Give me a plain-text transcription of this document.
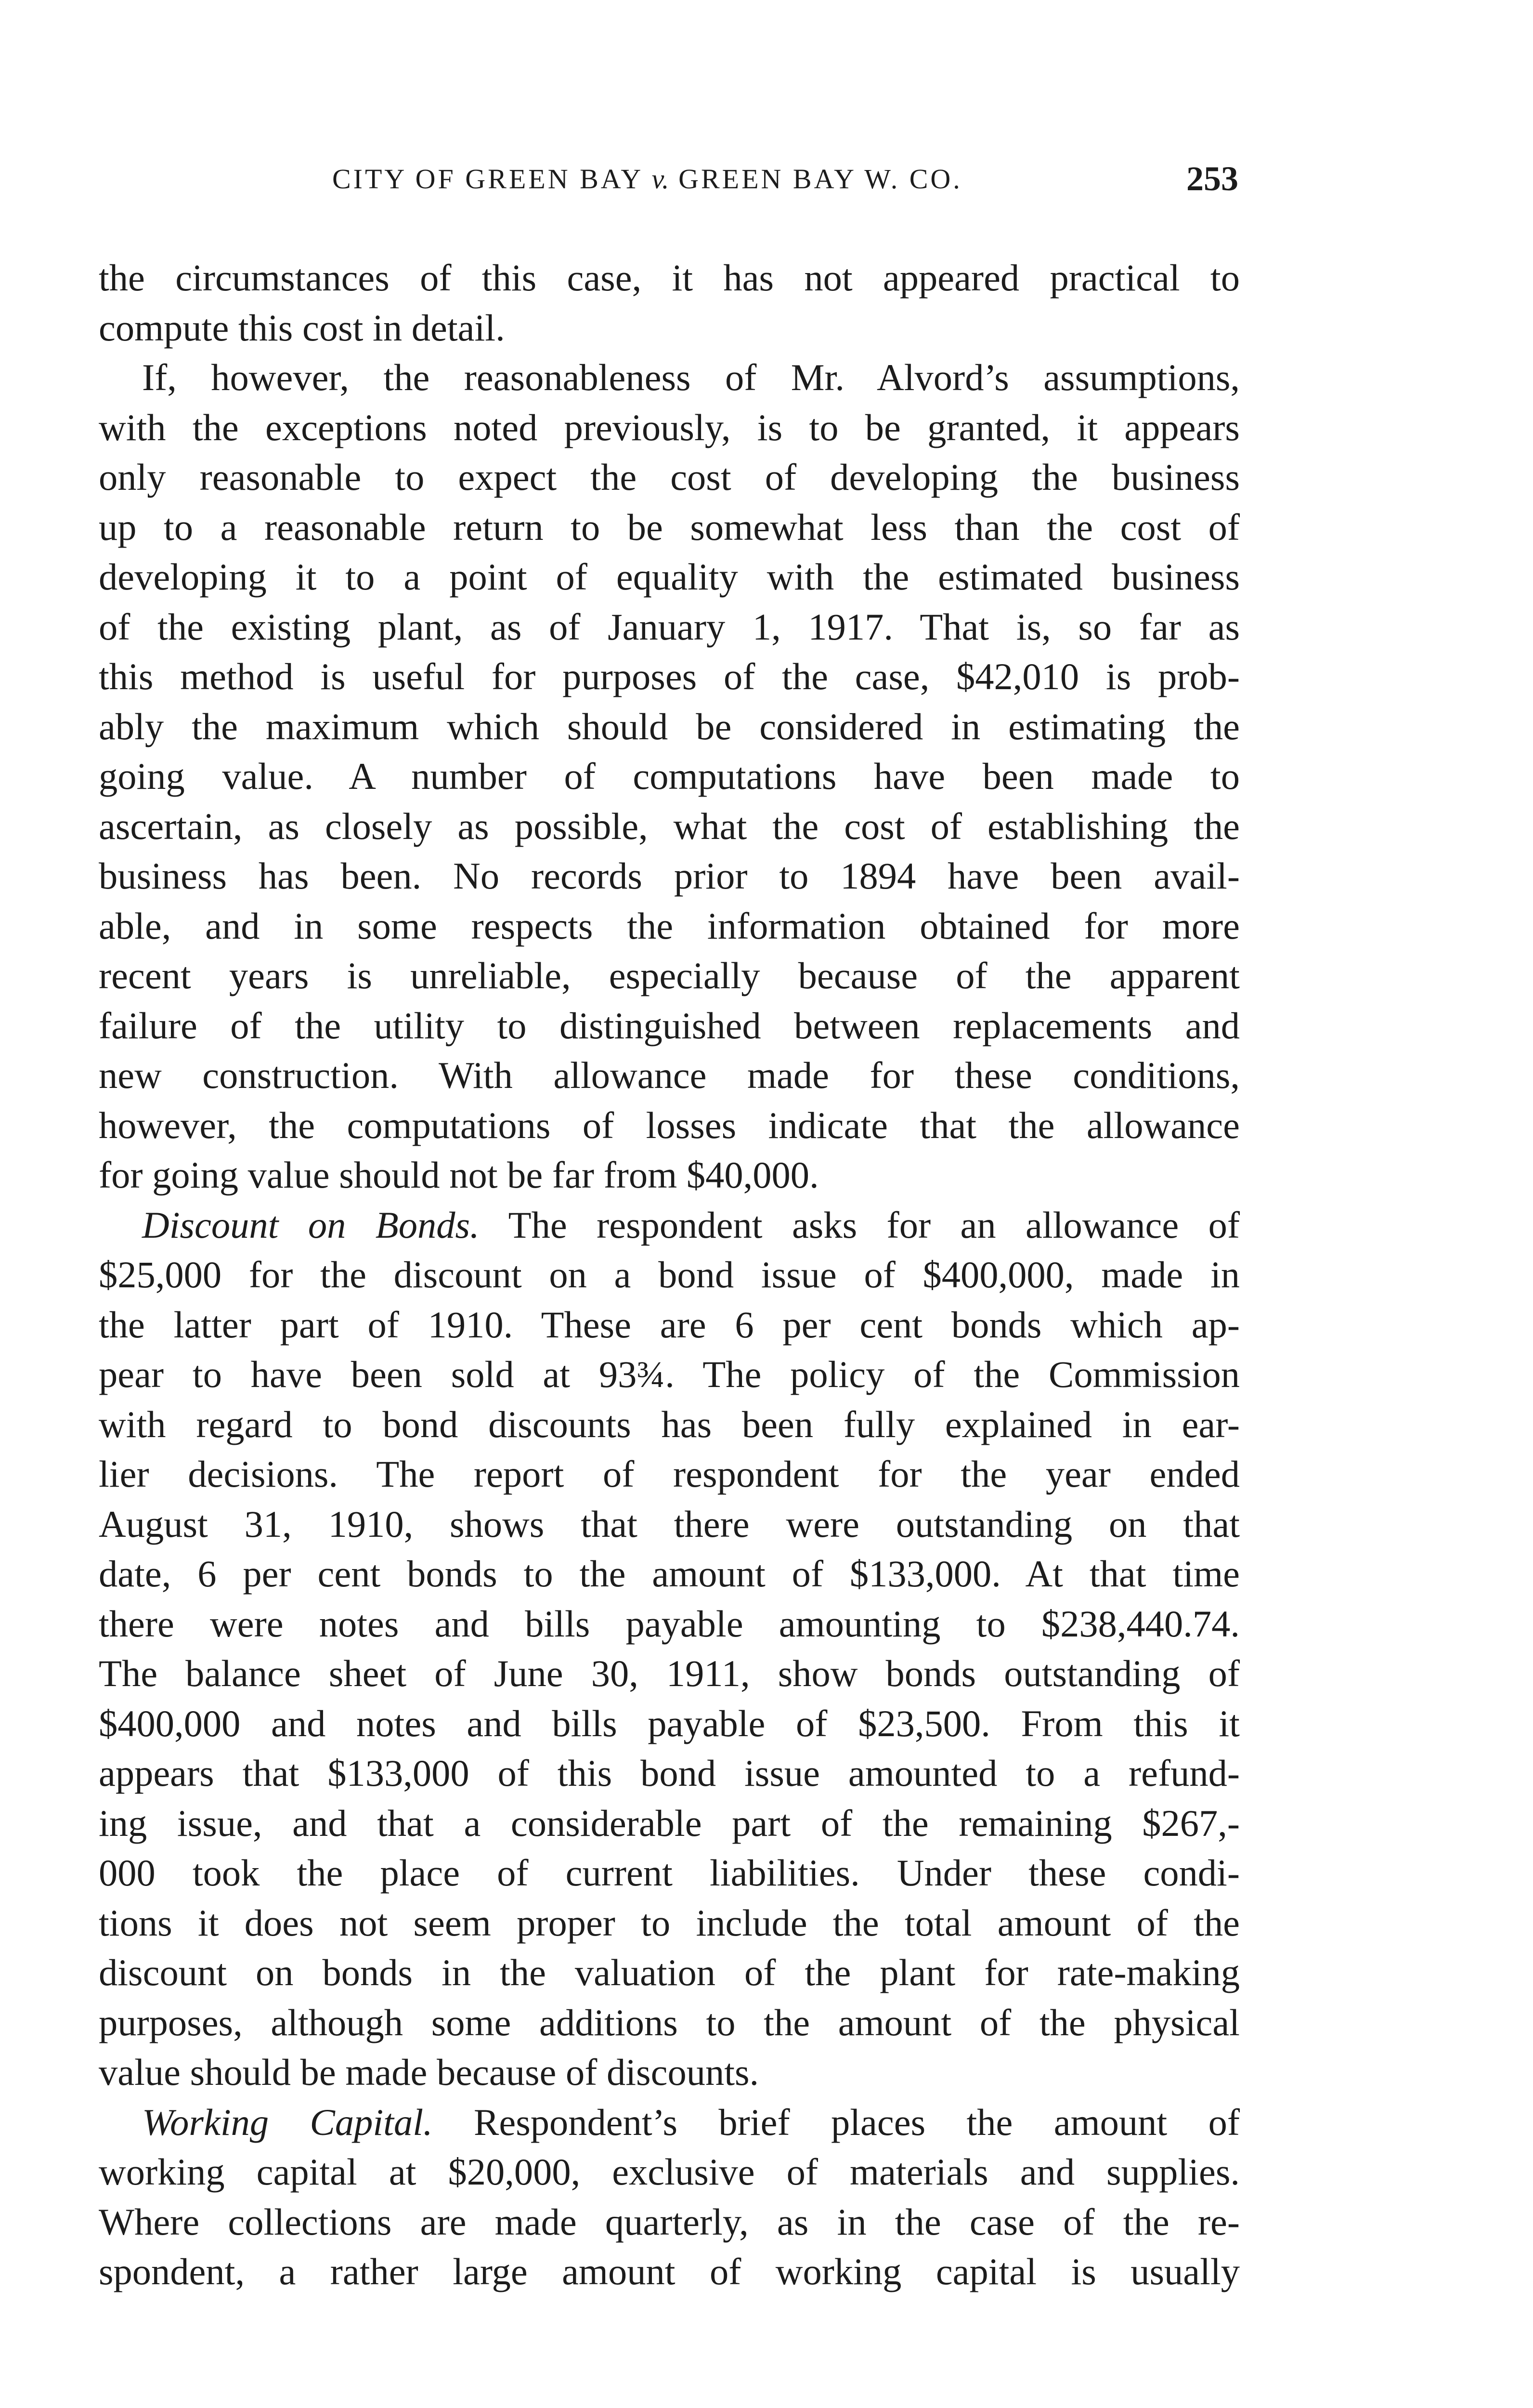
CITY OF GREEN BAY v. GREEN BAY W. CO.	253
the circumstances of this case, it has not appeared practical to
compute this cost in detail.
If, however, the reasonableness of Mr. Alvord’s assumptions,
with the exceptions noted previously, is to be granted, it appears
only reasonable to expect the cost of developing the business
up to a reasonable return to be somewhat less than the cost of
developing it to a point of equality with the estimated business
of the existing plant, as of January 1, 1917. That is, so far as
this method is useful for purposes of the case, $42,010 is prob-
ably the maximum which should be considered in estimating the
going value. A number of computations have been made to
ascertain, as closely as possible, what the cost of establishing the
business has been. No records prior to 1894 have been avail-
able, and in some respects the information obtained for more
recent years is unreliable, especially because of the apparent
failure of the utility to distinguished between replacements and
new construction. With allowance made for these conditions,
however, the computations of losses indicate that the allowance
for going value should not be far from $40,000.
Discount on Bonds. The respondent asks for an allowance of
$25,000 for the discount on a bond issue of $400,000, made in
the latter part of 1910. These are 6 per cent bonds which ap-
pear to have been sold at 93¾. The policy of the Commission
with regard to bond discounts has been fully explained in ear-
lier decisions. The report of respondent for the year ended
August 31, 1910, shows that there were outstanding on that
date, 6 per cent bonds to the amount of $133,000. At that time
there were notes and bills payable amounting to $238,440.74.
The balance sheet of June 30, 1911, show bonds outstanding of
$400,000 and notes and bills payable of $23,500. From this it
appears that $133,000 of this bond issue amounted to a refund-
ing issue, and that a considerable part of the remaining $267,-
000 took the place of current liabilities. Under these condi-
tions it does not seem proper to include the total amount of the
discount on bonds in the valuation of the plant for rate-making
purposes, although some additions to the amount of the physical
value should be made because of discounts.
Working Capital. Respondent’s brief places the amount of
working capital at $20,000, exclusive of materials and supplies.
Where collections are made quarterly, as in the case of the re-
spondent, a rather large amount of working capital is usually
